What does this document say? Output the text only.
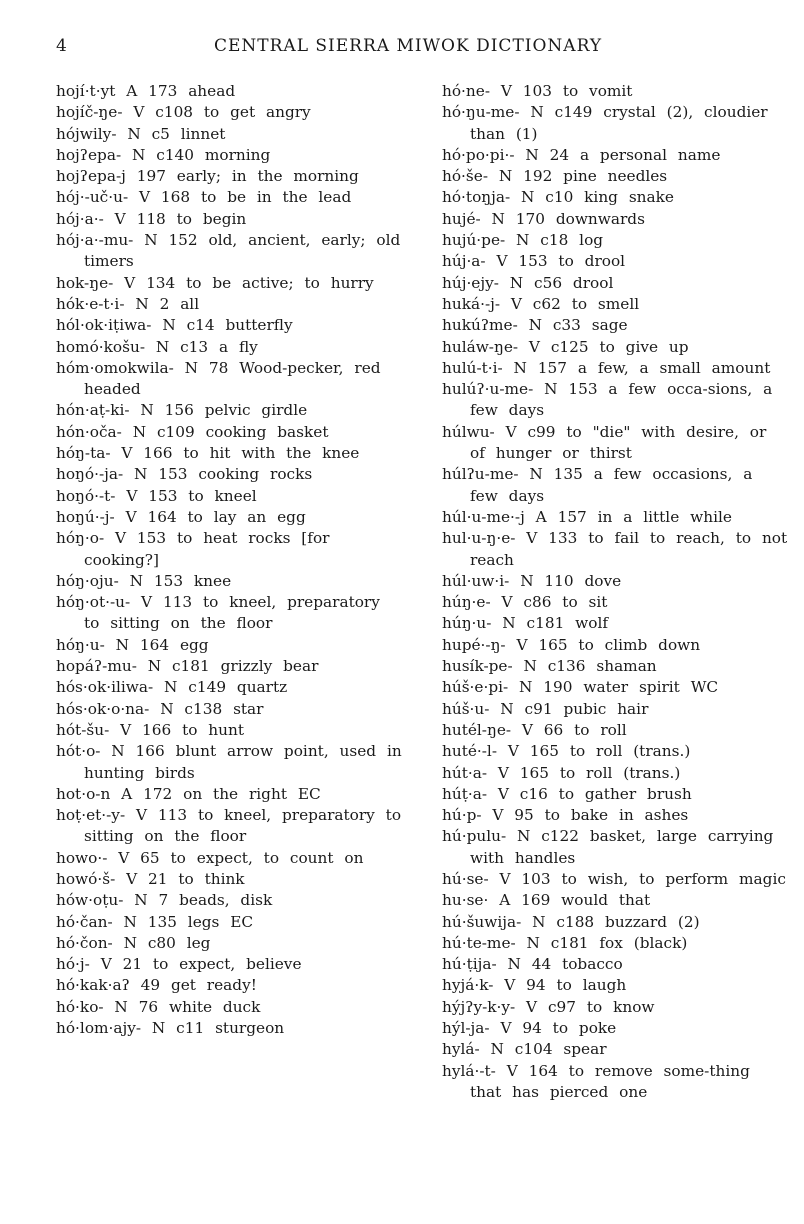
4	CENTRAL SIERRA MIWOK DICTIONARY
hojí·t·yt A 173 ahead
hojíč-ŋe- V c108 to get angry
hójwily- N c5 linnet
hojʔepa- N c140 morning
hojʔepa-j 197 early; in the morning
hój·-uč·u- V 168 to be in the lead
hój·a·- V 118 to begin
hój·a·-mu- N 152 old, ancient, early; old timers
hok-ŋe- V 134 to be active; to hurry
hók·e-t·i- N 2 all
hól·ok·iṭiwa- N c14 butterfly
homó·košu- N c13 a fly
hóm·omokwila- N 78 Wood-pecker, red headed
hón·aṭ-ki- N 156 pelvic girdle
hón·oča- N c109 cooking basket
hóŋ-ta- V 166 to hit with the knee
hoŋó·-ja- N 153 cooking rocks
hoŋó·-t- V 153 to kneel
hoŋú·-j- V 164 to lay an egg
hóŋ·o- V 153 to heat rocks [for cooking?]
hóŋ·oju- N 153 knee
hóŋ·ot·-u- V 113 to kneel, preparatory to sitting on the floor
hóŋ·u- N 164 egg
hopáʔ-mu- N c181 grizzly bear
hós·ok·iliwa- N c149 quartz
hós·ok·o·na- N c138 star
hót-šu- V 166 to hunt
hót·o- N 166 blunt arrow point, used in hunting birds
hot·o-n A 172 on the right EC
hoṭ·et·-y- V 113 to kneel, preparatory to sitting on the floor
howo·- V 65 to expect, to count on
howó·š- V 21 to think
hów·oṭu- N 7 beads, disk
hó·čan- N 135 legs EC
hó·čon- N c80 leg
hó·j- V 21 to expect, believe
hó·kak·aʔ 49 get ready!
hó·ko- N 76 white duck
hó·lom·ajy- N c11 sturgeon
hó·ne- V 103 to vomit
hó·ŋu-me- N c149 crystal (2), cloudier than (1)
hó·po·pi·- N 24 a personal name
hó·še- N 192 pine needles
hó·toŋja- N c10 king snake
hujé- N 170 downwards
hujú·pe- N c18 log
húj·a- V 153 to drool
húj·ejy- N c56 drool
huká·-j- V c62 to smell
hukúʔme- N c33 sage
huláw-ŋe- V c125 to give up
hulú-t·i- N 157 a few, a small amount
hulúʔ·u-me- N 153 a few occa-sions, a few days
húlwu- V c99 to "die" with desire, or of hunger or thirst
húlʔu-me- N 135 a few occasions, a few days
húl·u-me·-j A 157 in a little while
hul·u-ŋ·e- V 133 to fail to reach, to not reach
húl·uw·i- N 110 dove
húŋ·e- V c86 to sit
húŋ·u- N c181 wolf
hupé·-ŋ- V 165 to climb down
husík-pe- N c136 shaman
húš·e·pi- N 190 water spirit WC
húš·u- N c91 pubic hair
hutél-ŋe- V 66 to roll
huté·-l- V 165 to roll (trans.)
hút·a- V 165 to roll (trans.)
húṭ·a- V c16 to gather brush
hú·p- V 95 to bake in ashes
hú·pulu- N c122 basket, large carrying with handles
hú·se- V 103 to wish, to perform magic
hu·se· A 169 would that
hú·šuwija- N c188 buzzard (2)
hú·te-me- N c181 fox (black)
hú·ṭija- N 44 tobacco
hyjá·k- V 94 to laugh
hýjʔy-k·y- V c97 to know
hýl-ja- V 94 to poke
hylá- N c104 spear
hylá·-t- V 164 to remove some-thing that has pierced one
